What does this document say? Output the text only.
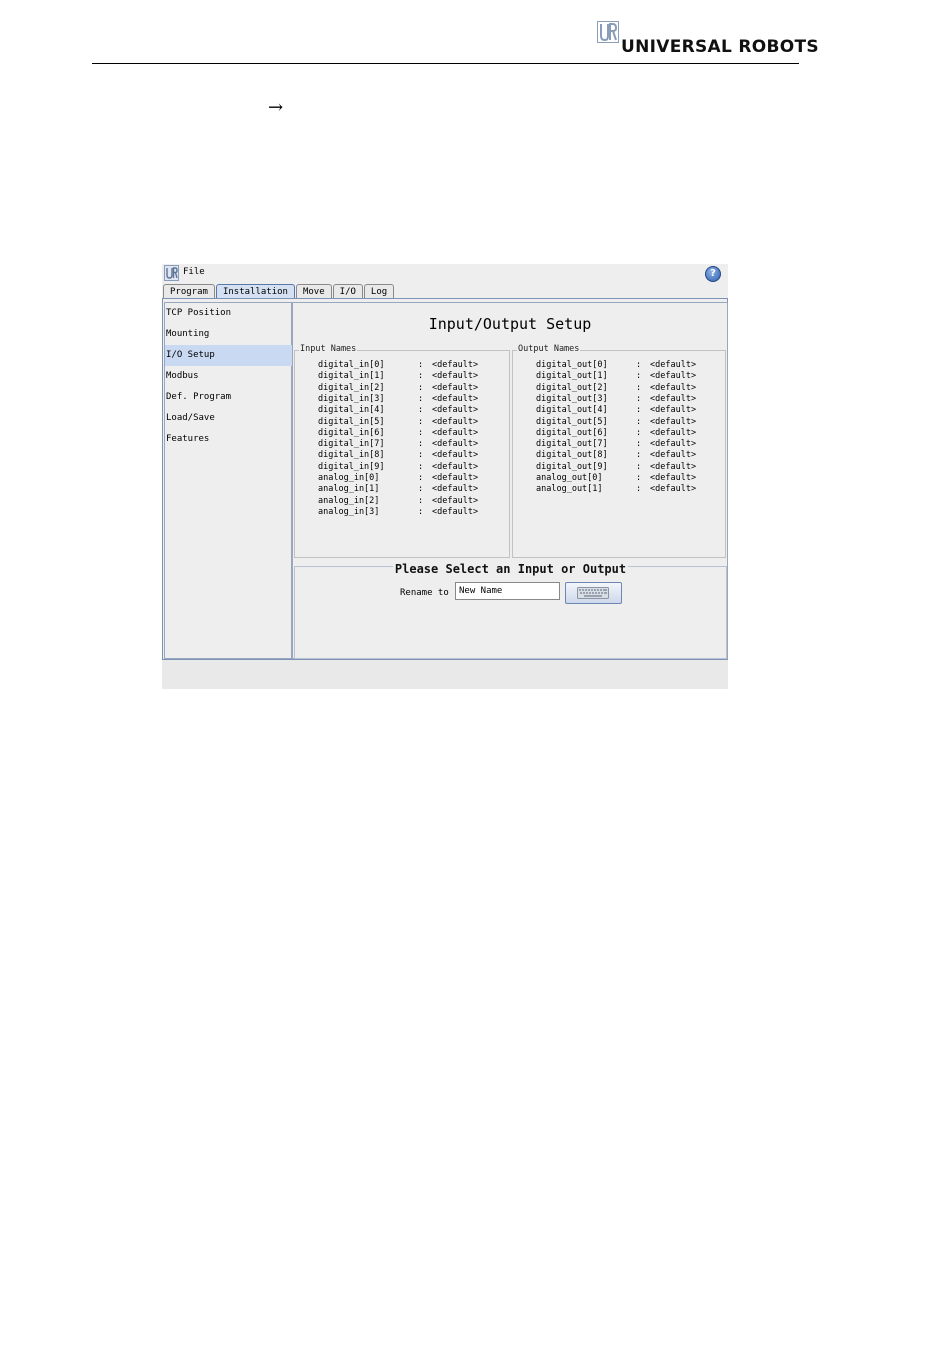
UNIVERSAL ROBOTS
→
File	?
Program	Installation	Move	I/O	Log
TCP Position
Mounting
I/O Setup
Modbus
Def. Program
Load/Save
Features
Input/Output Setup
Input Names
digital_in[0]	:	<default>
digital_in[1]	:	<default>
digital_in[2]	:	<default>
digital_in[3]	:	<default>
digital_in[4]	:	<default>
digital_in[5]	:	<default>
digital_in[6]	:	<default>
digital_in[7]	:	<default>
digital_in[8]	:	<default>
digital_in[9]	:	<default>
analog_in[0]	:	<default>
analog_in[1]	:	<default>
analog_in[2]	:	<default>
analog_in[3]	:	<default>
Output Names
digital_out[0]	:	<default>
digital_out[1]	:	<default>
digital_out[2]	:	<default>
digital_out[3]	:	<default>
digital_out[4]	:	<default>
digital_out[5]	:	<default>
digital_out[6]	:	<default>
digital_out[7]	:	<default>
digital_out[8]	:	<default>
digital_out[9]	:	<default>
analog_out[0]	:	<default>
analog_out[1]	:	<default>
Please Select an Input or Output
Rename to
New Name
